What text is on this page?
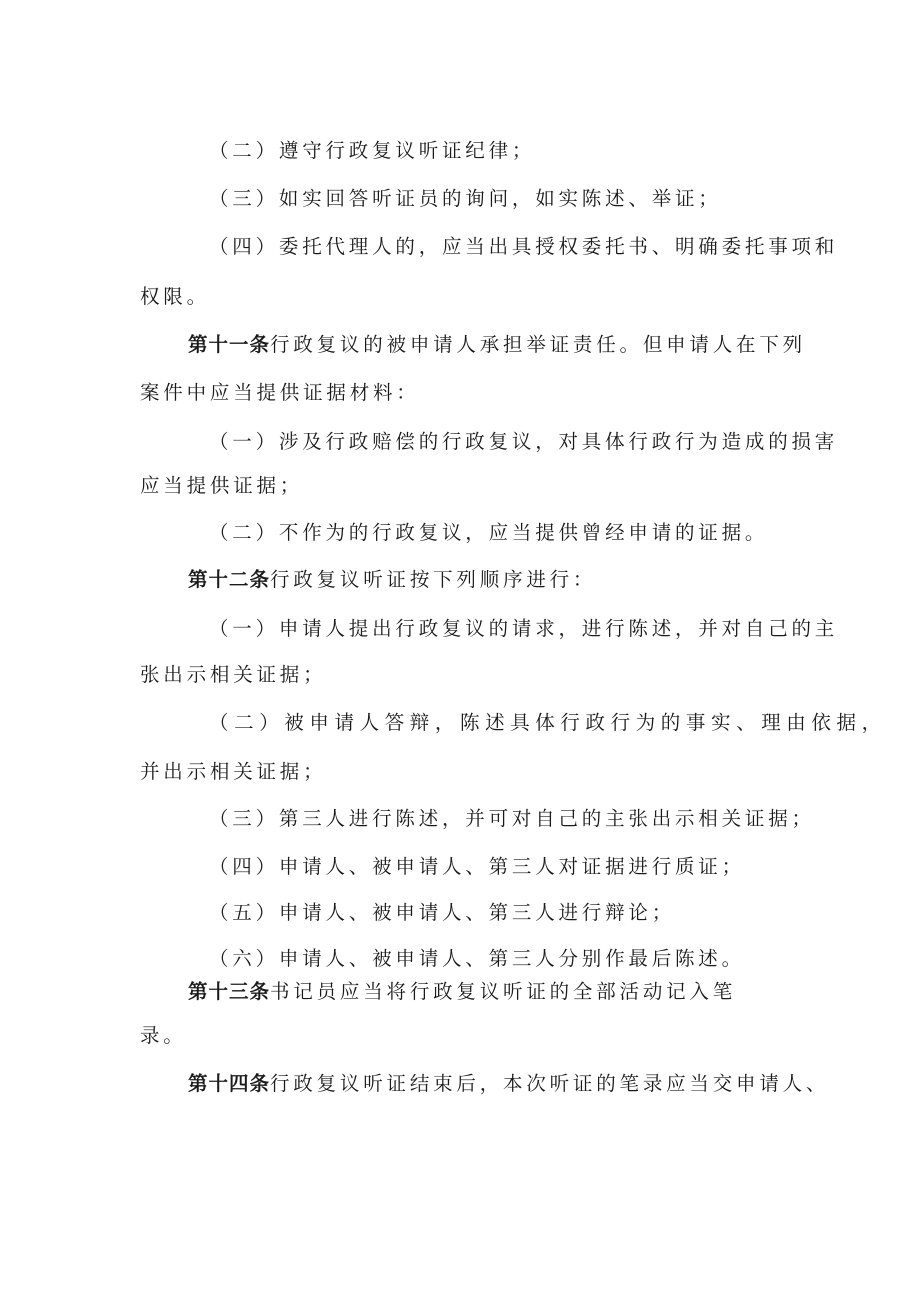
（二）遵守行政复议听证纪律；
（三）如实回答听证员的询问，如实陈述、举证；
（四）委托代理人的，应当出具授权委托书、明确委托事项和
权限。
第十一条行政复议的被申请人承担举证责任。但申请人在下列
案件中应当提供证据材料：
（一）涉及行政赔偿的行政复议，对具体行政行为造成的损害
应当提供证据；
（二）不作为的行政复议，应当提供曾经申请的证据。
第十二条行政复议听证按下列顺序进行：
（一）申请人提出行政复议的请求，进行陈述，并对自己的主
张出示相关证据；
（二）被申请人答辩，陈述具体行政行为的事实、理由依据，
并出示相关证据；
（三）第三人进行陈述，并可对自己的主张出示相关证据；
（四）申请人、被申请人、第三人对证据进行质证；
（五）申请人、被申请人、第三人进行辩论；
（六）申请人、被申请人、第三人分别作最后陈述。
第十三条书记员应当将行政复议听证的全部活动记入笔
录。
第十四条行政复议听证结束后，本次听证的笔录应当交申请人、
